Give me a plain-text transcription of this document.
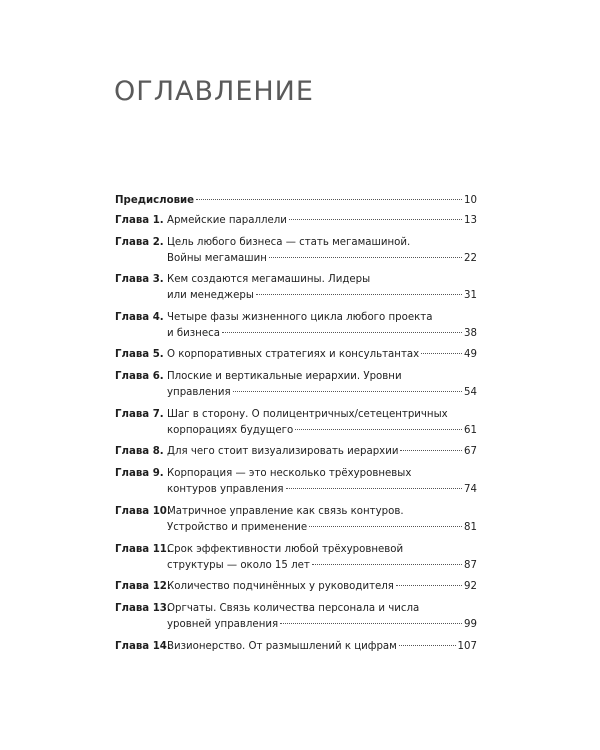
ОГЛАВЛЕНИЕ
Предисловие	10
Глава 1. Армейские параллели	13
Глава 2. Цель любого бизнеса — стать мегамашиной.
Войны мегамашин	22
Глава 3. Кем создаются мегамашины. Лидеры
или менеджеры	31
Глава 4. Четыре фазы жизненного цикла любого проекта
и бизнеса	38
Глава 5. О корпоративных стратегиях и консультантах	49
Глава 6. Плоские и вертикальные иерархии. Уровни
управления	54
Глава 7. Шаг в сторону. О полицентричных/сетецентричных
корпорациях будущего	61
Глава 8. Для чего стоит визуализировать иерархии	67
Глава 9. Корпорация — это несколько трёхуровневых
контуров управления	74
Глава 10.
Матричное управление как связь контуров.
Устройство и применение	81
Глава 11.
Срок эффективности любой трёхуровневой
структуры — около 15 лет	87
Глава 12.
Количество подчинённых у руководителя	92
Глава 13.
Оргчаты. Связь количества персонала и числа
уровней управления	99
Глава 14.
Визионерство. От размышлений к цифрам	107
